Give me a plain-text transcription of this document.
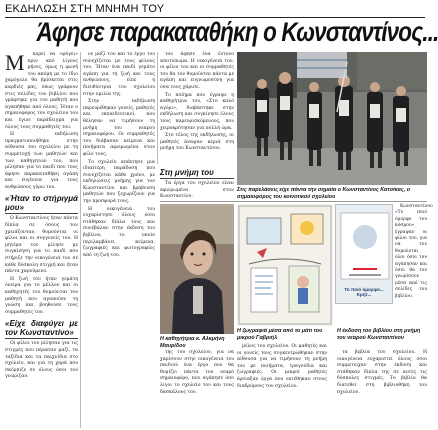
ΕΚΔΗΛΩΣΗ ΣΤΗ ΜΝΗΜΗ ΤΟΥ
Άφησε παρακαταθήκη ο Κωνσταντίνος...
Μ	πορεί να «φύγει» πριν από λίγους μήνες, όμως η φωνή του ακόμη με το ίδιο χαμόγελο θα βρίσκεται στις καρδιές μας, όπως γράφουν στις σελίδες του βιβλίου που γράφτηκε για τον μαθητή που αγαπήθηκε από όλους. Ήταν ο σημαιοφόρος του σχολείου του και έγινε παράδειγμα για όλους τους συμμαθητές του.

Η εκδήλωση πραγματοποιήθηκε στην αίθουσα του σχολείου με τη συμμετοχή των μαθητών και των καθηγητών του, που μίλησαν για το παιδί που τους άφησε παρακαταθήκη αγάπη και ευγένεια για τους ανθρώπους γύρω του.

«Ήταν το στήριγμά μου»

Ο Κωνσταντίνος ήταν πάντα δίπλα σε όσους τον χρειάζονταν, θυμούνται οι φίλοι και οι συγγενείς του. Η μητέρα του μίλησε με συγκίνηση για το παιδί που στήριζε την οικογένειά του σε κάθε δύσκολη στιγμή και ήταν πάντα χαρούμενο.

Η ζωή του ήταν γεμάτη όνειρα για το μέλλον και οι καθηγητές του θυμούνται τον μαθητή που αγαπούσε τη γνώση και βοηθούσε τους συμμαθητές του.

«Είχε διαφύγει με τον Κωνσταντίνο»

Οι φίλοι του μίλησαν για τις στιγμές που πέρασαν μαζί, τα ταξίδια και τα παιχνίδια στο σχολείο, και για τη χαρά που σκόρπιζε σε όλους όσοι τον γνώριζαν.

νε μαζί του και το έργο του συνεχίζεται με τους φίλους του. Ήταν ένα παιδί γεμάτο αγάπη για τη ζωή και τους ανθρώπους, είπε η διευθύντρια του σχολείου στην ομιλία της.

Στην εκδήλωση παρευρέθηκαν γονείς, μαθητές και εκπαιδευτικοί, που θέλησαν να τιμήσουν τη μνήμη του νεαρού σημαιοφόρου. Οι συμμαθητές του διάβασαν κείμενα και ποιήματα αφιερωμένα στον φίλο τους.

Το σχολείο απέκτησε μια ιδιαίτερη παράδοση που συνεχίζεται κάθε χρόνο, με εκδηλώσεις μνήμης για τον Κωνσταντίνο και βράβευση μαθητών που ξεχωρίζουν για την προσφορά τους.

Η οικογένειά του ευχαρίστησε όλους όσοι στάθηκαν δίπλα τους και συνέβαλαν στην έκδοση του βιβλίου, το οποίο περιλαμβάνει κείμενα, ζωγραφιές και φωτογραφίες από τη ζωή του.

του άφησε ένα έντονο αποτύπωμα. Η οικογένειά του, οι φίλοι του και οι συμμαθητές του θα τον θυμούνται πάντα με αγάπη και ευγνωμοσύνη για όσα τους χάρισε.

Το ποίημα που έγραψε η καθηγήτρια του, «Στο καλό αγόρι», διαβάστηκε στην εκδήλωση και συγκίνησε όλους τους παρευρισκόμενους, που χειροκρότησαν για πολλή ώρα.

Στο τέλος της εκδήλωσης, οι μαθητές άναψαν κεριά στη μνήμη του Κωνσταντίνου.

Στις παρελάσεις είχε πάντα την σημαία ο Κωνσταντίνος Κατσίκας, ο σημαιοφόρος του κοινοτικού σχολείου
Στη μνήμη του

Τα έργα του σχολείου είναι αφιερωμένα στον Κωνσταντίνο.

Η καθηγήτρια κ. Αλκμήνη Μαυρίδου
Η ζωγραφιά μέσα από το μάτι του μικρού Γαβριήλ
Το ποιό όμορφο... Κρητ...

Κωνσταντίνου «Το ποιό όμορφο του κόσμου» έγραψαν οι φίλοι του, για να τον θυμούνται όλοι όσοι τον αγάπησαν και όσοι θα τον γνωρίσουν μέσα από τις σελίδες του βιβλίου.

Η έκδοση του βιβλίου στη μνήμη του νεαρού Κωνσταντίνου

της του σχολείου, για να χαρίσουν στην οικογένεια του παιδιού ένα έργο που θα θυμίζει πάντα τον νεαρό σημαιοφόρο, που αγάπησε όσο λίγοι το σχολείο του και τους δασκάλους του.

μέλος του σχολείου. Οι μαθητές και οι γονείς τους συγκεντρώθηκαν στην αίθουσα για να τιμήσουν τη μνήμη του με ποιήματα, τραγούδια και ζωγραφιές. Οι μικροί μαθητές έφτιαξαν έργα που εκτέθηκαν στους διαδρόμους του σχολείου.

τα βιβλία του σχολείου. Η οικογένεια ευχαριστεί όλους όσοι συμμετείχαν στην έκδοση και στάθηκαν δίπλα της σε αυτές τις δύσκολες στιγμές. Το βιβλίο θα διατεθεί στη βιβλιοθήκη του σχολείου.
